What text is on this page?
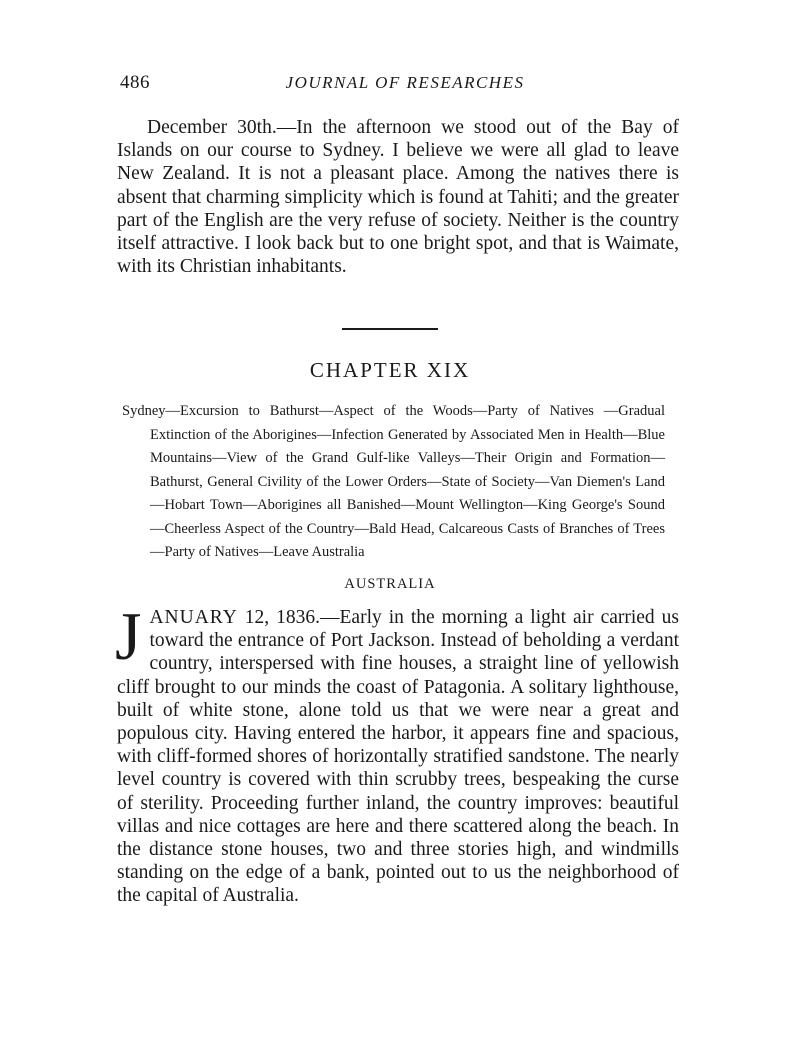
486	JOURNAL OF RESEARCHES

December 30th.—In the afternoon we stood out of the Bay of Islands on our course to Sydney. I believe we were all glad to leave New Zealand. It is not a pleasant place. Among the natives there is absent that charming simplicity which is found at Tahiti; and the greater part of the English are the very refuse of society. Neither is the country itself attractive. I look back but to one bright spot, and that is Waimate, with its Christian inhabitants.

CHAPTER XIX

Sydney—Excursion to Bathurst—Aspect of the Woods—Party of Natives —Gradual Extinction of the Aborigines—Infection Generated by Associated Men in Health—Blue Mountains—View of the Grand Gulf-like Valleys—Their Origin and Formation—Bathurst, General Civility of the Lower Orders—State of Society—Van Diemen's Land—Hobart Town—Aborigines all Banished—Mount Wellington—King George's Sound—Cheerless Aspect of the Country—Bald Head, Calcareous Casts of Branches of Trees—Party of Natives—Leave Australia

AUSTRALIA
JANUARY 12, 1836.—Early in the morning a light air carried us toward the entrance of Port Jackson. Instead of beholding a verdant country, interspersed with fine houses, a straight line of yellowish cliff brought to our minds the coast of Patagonia. A solitary lighthouse, built of white stone, alone told us that we were near a great and populous city. Having entered the harbor, it appears fine and spacious, with cliff-formed shores of horizontally stratified sandstone. The nearly level country is covered with thin scrubby trees, bespeaking the curse of sterility. Proceeding further inland, the country improves: beautiful villas and nice cottages are here and there scattered along the beach. In the distance stone houses, two and three stories high, and windmills standing on the edge of a bank, pointed out to us the neighborhood of the capital of Australia.
